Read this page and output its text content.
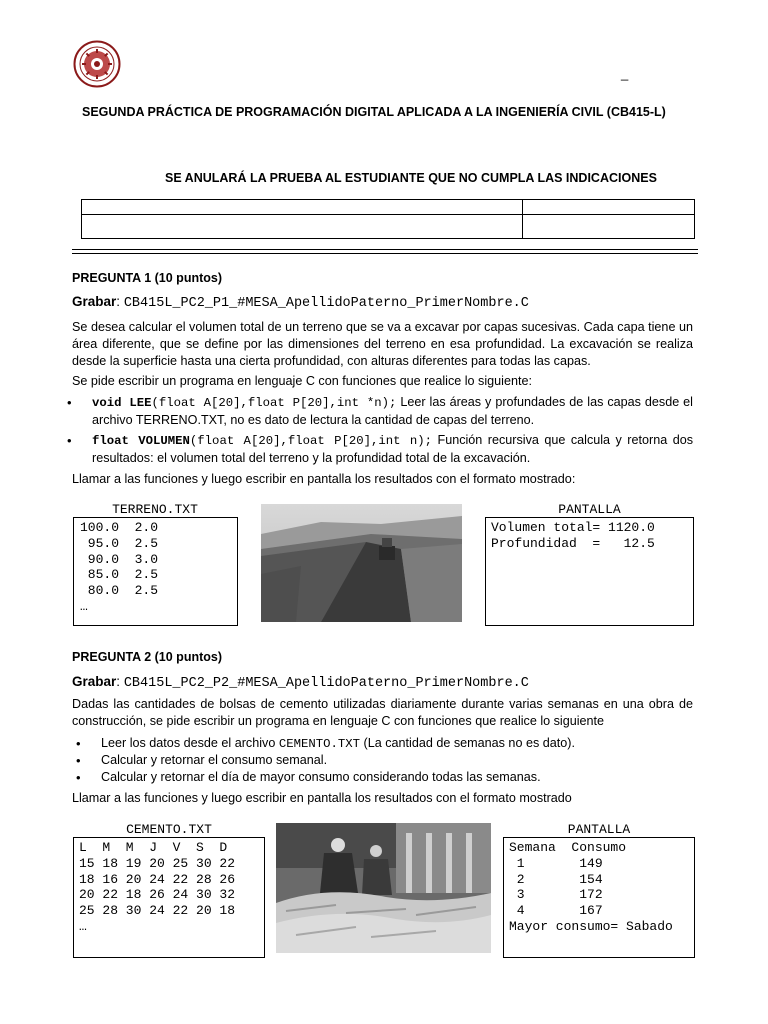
_
SEGUNDA PRÁCTICA DE PROGRAMACIÓN DIGITAL APLICADA A LA INGENIERÍA CIVIL (CB415-L)
SE ANULARÁ LA PRUEBA AL ESTUDIANTE QUE NO CUMPLA LAS INDICACIONES
PREGUNTA 1 (10 puntos)
Grabar: CB415L_PC2_P1_#MESA_ApellidoPaterno_PrimerNombre.C
Se desea calcular el volumen total de un terreno que se va a excavar por capas sucesivas. Cada capa tiene un área diferente, que se define por las dimensiones del terreno en esa profundidad. La excavación se realiza desde la superficie hasta una cierta profundidad, con alturas diferentes para todas las capas.
Se pide escribir un programa en lenguaje C con funciones que realice lo siguiente:
• void LEE(float A[20],float P[20],int *n); Leer las áreas y profundades de las capas desde el archivo TERRENO.TXT, no es dato de lectura la cantidad de capas del terreno.
• float VOLUMEN(float A[20],float P[20],int n); Función recursiva que calcula y retorna dos resultados: el volumen total del terreno y la profundidad total de la excavación.
Llamar a las funciones y luego escribir en pantalla los resultados con el formato mostrado:
TERRENO.TXT
100.0  2.0
95.0  2.5
90.0  3.0
85.0  2.5
80.0  2.5
…
PANTALLA
Volumen total= 1120.0
Profundidad  =   12.5
PREGUNTA 2 (10 puntos)
Grabar: CB415L_PC2_P2_#MESA_ApellidoPaterno_PrimerNombre.C
Dadas las cantidades de bolsas de cemento utilizadas diariamente durante varias semanas en una obra de construcción, se pide escribir un programa en lenguaje C con funciones que realice lo siguiente
• Leer los datos desde el archivo CEMENTO.TXT (La cantidad de semanas no es dato).
• Calcular y retornar el consumo semanal.
• Calcular y retornar el día de mayor consumo considerando todas las semanas.
Llamar a las funciones y luego escribir en pantalla los resultados con el formato mostrado
CEMENTO.TXT
L  M  M  J  V  S  D
15 18 19 20 25 30 22
18 16 20 24 22 28 26
20 22 18 26 24 30 32
25 28 30 24 22 20 18
…
PANTALLA
Semana  Consumo
1       149
2       154
3       172
4       167
Mayor consumo= Sabado
